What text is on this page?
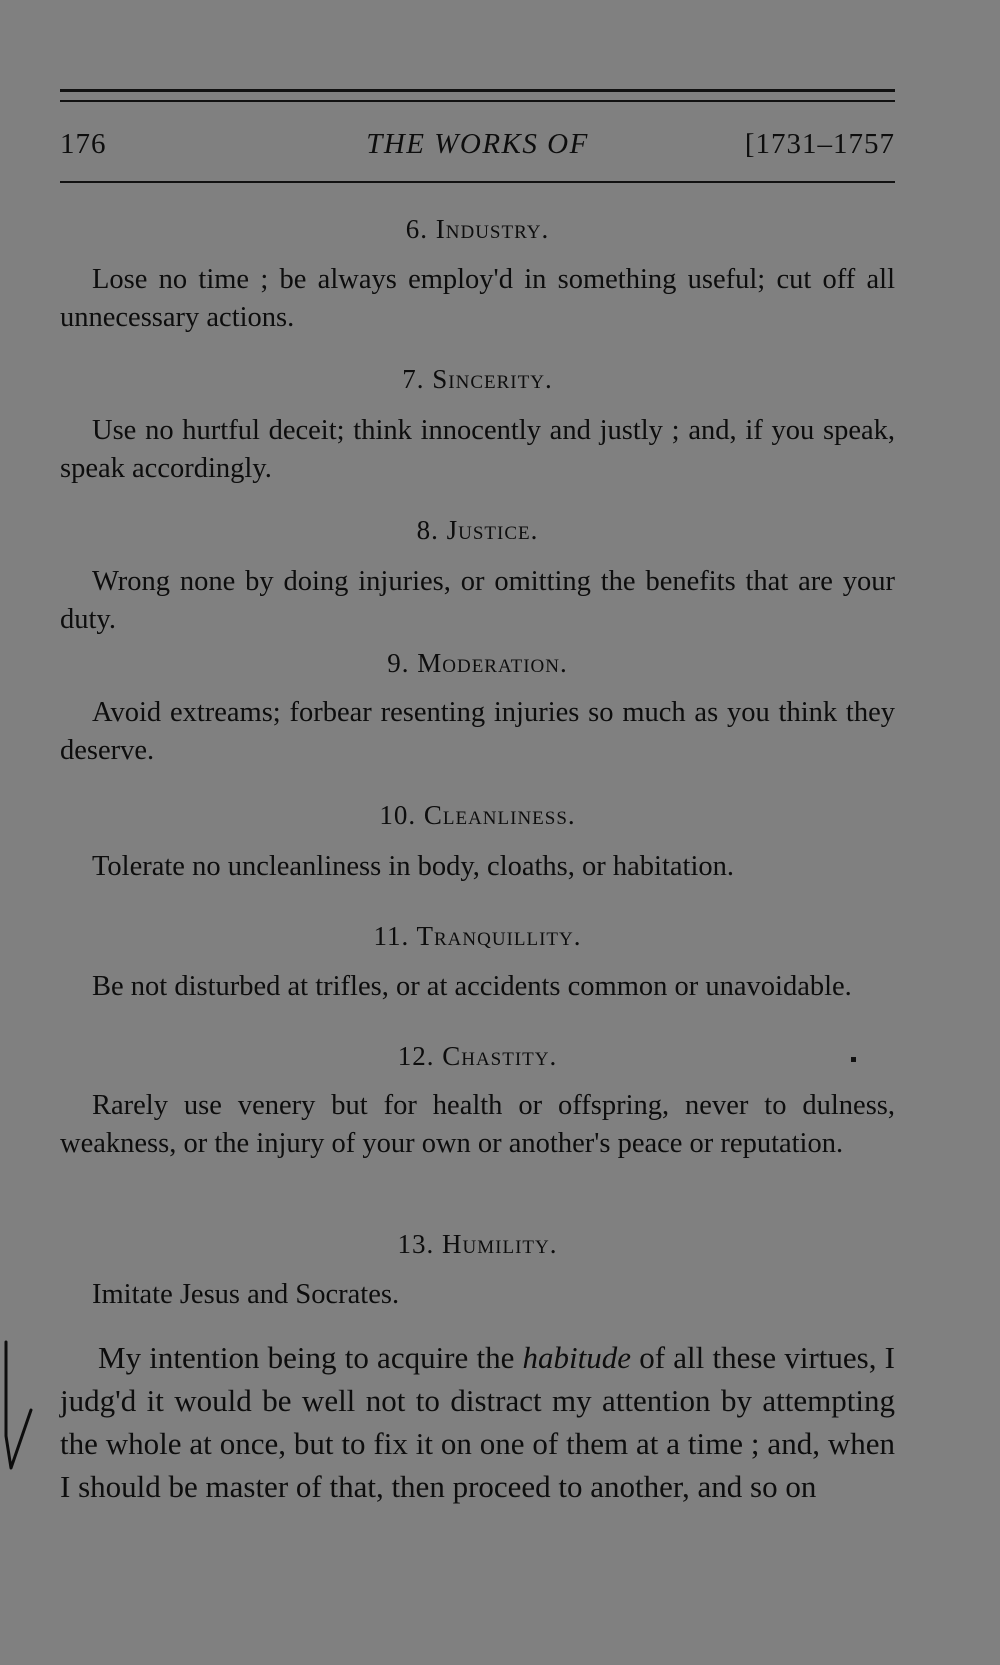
176	THE WORKS OF	[1731–1757
6. Industry.
Lose no time ; be always employ'd in something useful; cut off all unnecessary actions.
7. Sincerity.
Use no hurtful deceit; think innocently and justly ; and, if you speak, speak accordingly.
8. Justice.
Wrong none by doing injuries, or omitting the benefits that are your duty.
9. Moderation.
Avoid extreams; forbear resenting injuries so much as you think they deserve.
10. Cleanliness.
Tolerate no uncleanliness in body, cloaths, or habitation.
11. Tranquillity.
Be not disturbed at trifles, or at accidents common or unavoidable.
12. Chastity.
Rarely use venery but for health or offspring, never to dulness, weakness, or the injury of your own or another's peace or reputation.
13. Humility.
Imitate Jesus and Socrates.
My intention being to acquire the habitude of all these virtues, I judg'd it would be well not to distract my attention by attempting the whole at once, but to fix it on one of them at a time ; and, when I should be master of that, then proceed to another, and so on
